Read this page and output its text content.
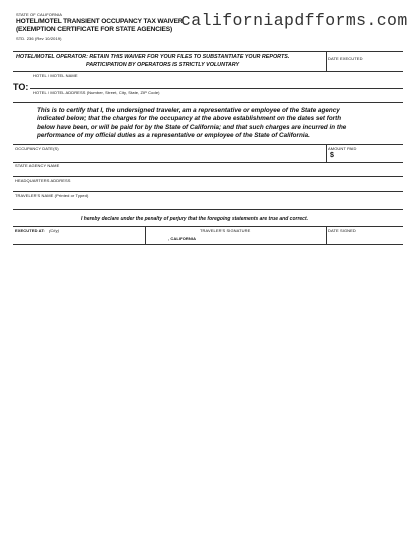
STATE OF CALIFORNIA
HOTEL/MOTEL TRANSIENT OCCUPANCY TAX WAIVER
(EXEMPTION CERTIFICATE FOR STATE AGENCIES)
STD. 236 (Rev 10/2019)
californiapdfforms.com
HOTEL/MOTEL OPERATOR: RETAIN THIS WAIVER FOR YOUR FILES TO SUBSTANTIATE YOUR REPORTS.
PARTICIPATION BY OPERATORS IS STRICTLY VOLUNTARY
DATE EXECUTED
HOTEL / MOTEL NAME
TO:
HOTEL / MOTEL ADDRESS (Number, Street, City, State, ZIP Code)
This is to certify that I, the undersigned traveler, am a representative or employee of the State agency
indicated below; that the charges for the occupancy at the above establishment on the dates set forth
below have been, or will be paid for by the State of California; and that such charges are incurred in the
performance of my official duties as a representative or employee of the State of California.
OCCUPANCY DATE(S)	AMOUNT PAID
$
STATE AGENCY NAME
HEADQUARTERS ADDRESS
TRAVELER'S NAME (Printed or Typed)
I hereby declare under the penalty of perjury that the foregoing statements are true and correct.
EXECUTED AT: (City)
, CALIFORNIA
TRAVELER'S SIGNATURE	DATE SIGNED
